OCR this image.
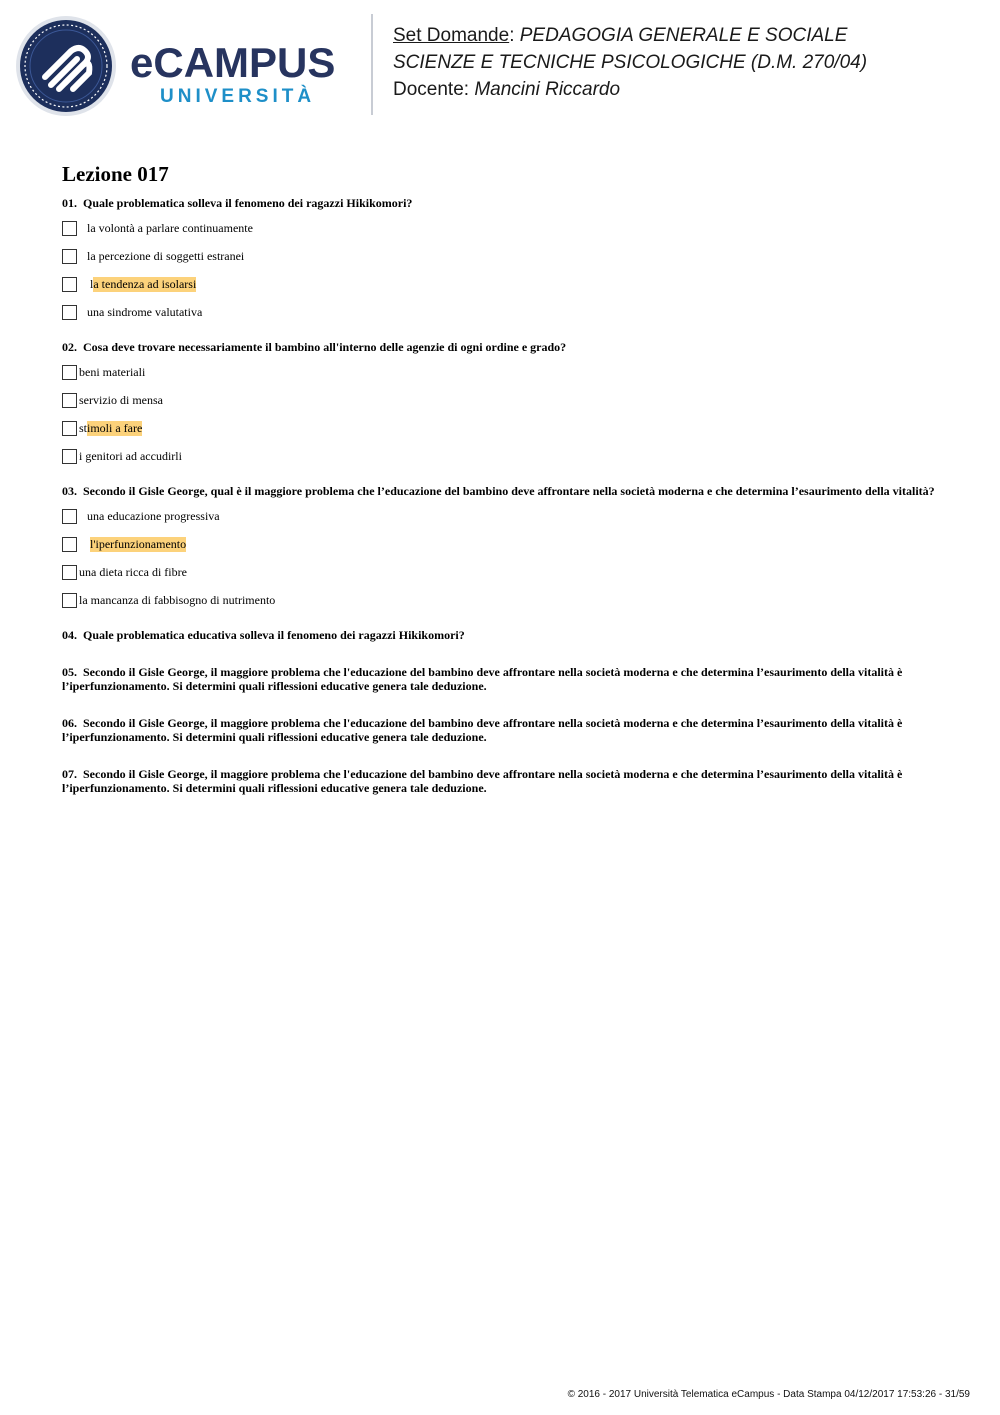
eCAMPUS
UNIVERSITÀ
Set Domande: PEDAGOGIA GENERALE E SOCIALE
SCIENZE E TECNICHE PSICOLOGICHE (D.M. 270/04)
Docente: Mancini Riccardo
Lezione 017
01. Quale problematica solleva il fenomeno dei ragazzi Hikikomori?
la volontà a parlare continuamente
la percezione di soggetti estranei
l a tendenza ad isolarsi
una sindrome valutativa
02. Cosa deve trovare necessariamente il bambino all'interno delle agenzie di ogni ordine e grado?
beni materiali
servizio di mensa
st imoli a fare
i genitori ad accudirli
03. Secondo il Gisle George, qual è il maggiore problema che l’educazione del bambino deve affrontare nella società moderna e che determina l’esaurimento della vitalità?
una educazione progressiva

l'iperfunzionamento
una dieta ricca di fibre
la mancanza di fabbisogno di nutrimento
04. Quale problematica educativa solleva il fenomeno dei ragazzi Hikikomori?
05. Secondo il Gisle George, il maggiore problema che l'educazione del bambino deve affrontare nella società moderna e che determina l’esaurimento della vitalità è l’iperfunzionamento. Si determini quali riflessioni educative genera tale deduzione.
06. Secondo il Gisle George, il maggiore problema che l'educazione del bambino deve affrontare nella società moderna e che determina l’esaurimento della vitalità è l’iperfunzionamento. Si determini quali riflessioni educative genera tale deduzione.
07. Secondo il Gisle George, il maggiore problema che l'educazione del bambino deve affrontare nella società moderna e che determina l’esaurimento della vitalità è l’iperfunzionamento. Si determini quali riflessioni educative genera tale deduzione.
© 2016 - 2017 Università Telematica eCampus - Data Stampa 04/12/2017 17:53:26 - 31/59
